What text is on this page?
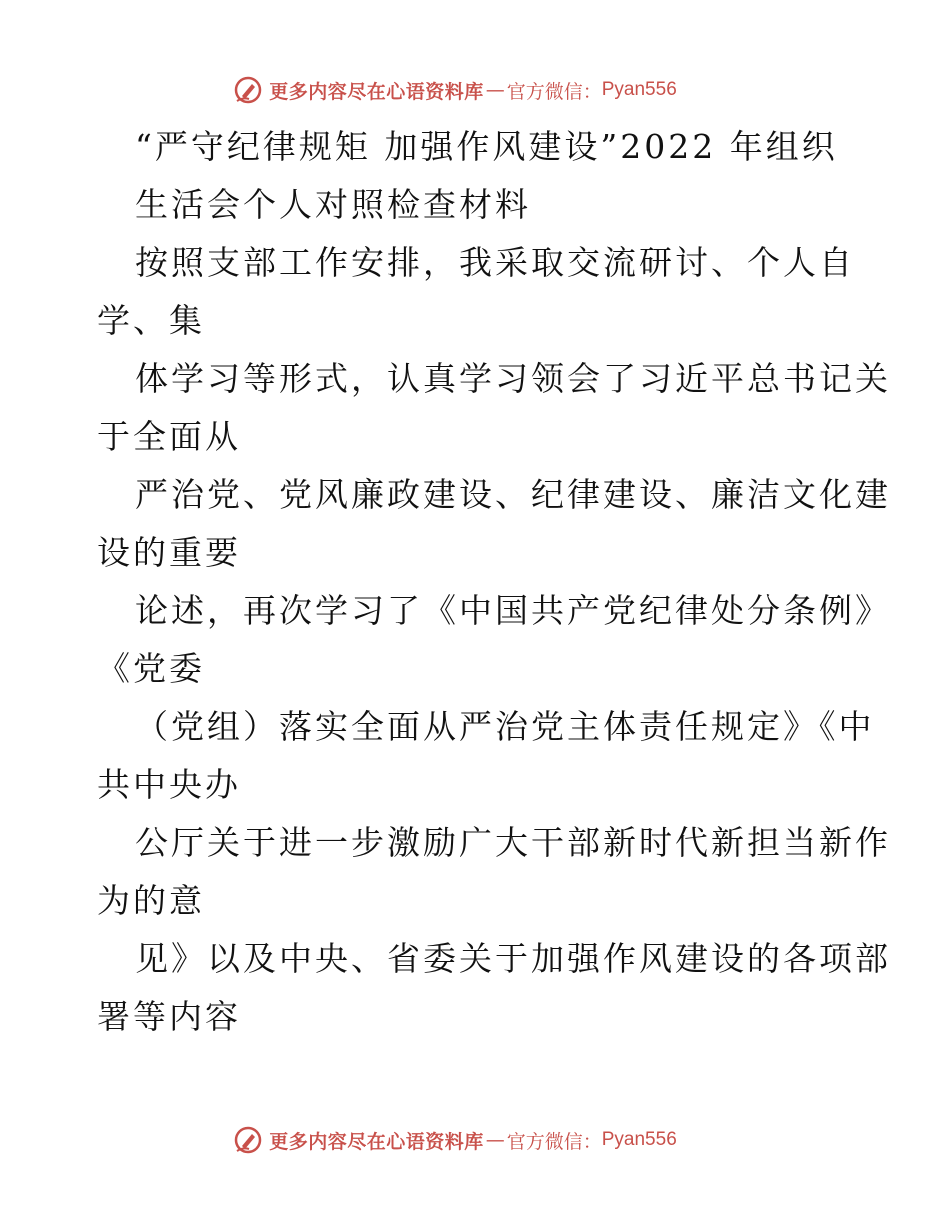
更多内容尽在心语资料库 — 官方微信： Pyan556
“严守纪律规矩 加强作风建设”2022 年组织
生活会个人对照检查材料
按照支部工作安排，我采取交流研讨、个人自
学、集
体学习等形式，认真学习领会了习近平总书记关
于全面从
严治党、党风廉政建设、纪律建设、廉洁文化建
设的重要
论述，再次学习了《中国共产党纪律处分条例》
《党委
（党组）落实全面从严治党主体责任规定》《中
共中央办
公厅关于进一步激励广大干部新时代新担当新作
为的意
见》以及中央、省委关于加强作风建设的各项部
署等内容
更多内容尽在心语资料库 — 官方微信： Pyan556
